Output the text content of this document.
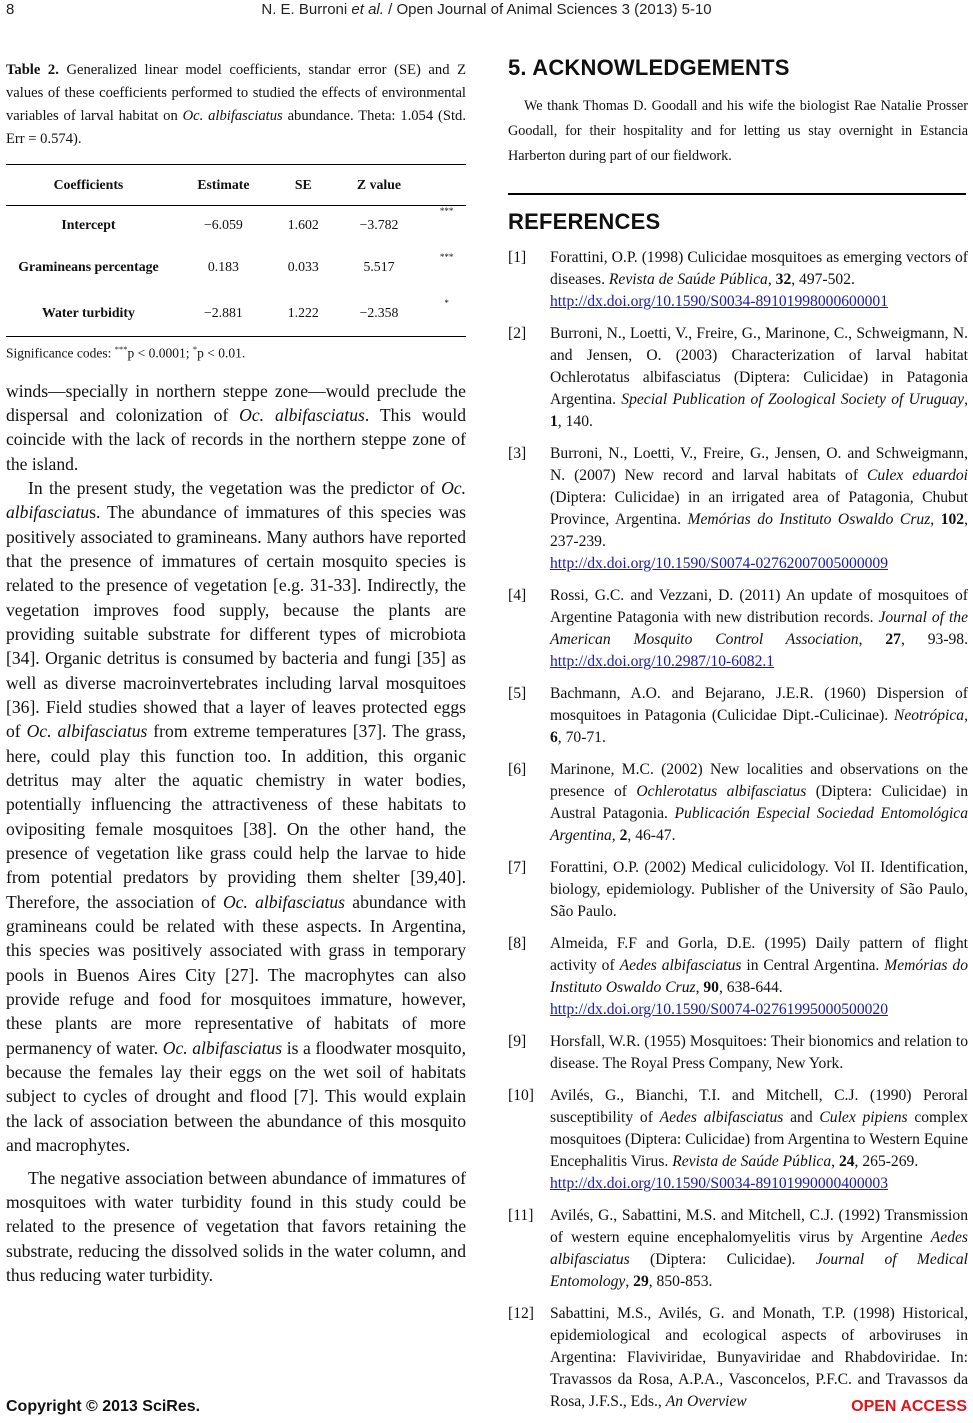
8	N. E. Burroni et al. / Open Journal of Animal Sciences 3 (2013) 5-10

Table 2. Generalized linear model coefficients, standar error (SE) and Z values of these coefficients performed to studied the effects of environmental variables of larval habitat on Oc. albifasciatus abundance. Theta: 1.054 (Std. Err = 0.574).

Coefficients	Estimate	SE	Z value	
Intercept	−6.059	1.602	−3.782	***
Gramineans percentage	0.183	0.033	5.517	***
Water turbidity	−2.881	1.222	−2.358	*
Significance codes: ***p < 0.0001; *p < 0.01.

winds—specially in northern steppe zone—would preclude the dispersal and colonization of Oc. albifasciatus. This would coincide with the lack of records in the northern steppe zone of the island.

In the present study, the vegetation was the predictor of Oc. albifasciatus. The abundance of immatures of this species was positively associated to gramineans. Many authors have reported that the presence of immatures of certain mosquito species is related to the presence of vegetation [e.g. 31-33]. Indirectly, the vegetation improves food supply, because the plants are providing suitable substrate for different types of microbiota [34]. Organic detritus is consumed by bacteria and fungi [35] as well as diverse macroinvertebrates including larval mosquitoes [36]. Field studies showed that a layer of leaves protected eggs of Oc. albifasciatus from extreme temperatures [37]. The grass, here, could play this function too. In addition, this organic detritus may alter the aquatic chemistry in water bodies, potentially influencing the attractiveness of these habitats to ovipositing female mosquitoes [38]. On the other hand, the presence of vegetation like grass could help the larvae to hide from potential predators by providing them shelter [39,40]. Therefore, the association of Oc. albifasciatus abundance with gramineans could be related with these aspects. In Argentina, this species was positively associated with grass in temporary pools in Buenos Aires City [27]. The macrophytes can also provide refuge and food for mosquitoes immature, however, these plants are more representative of habitats of more permanency of water. Oc. albifasciatus is a floodwater mosquito, because the females lay their eggs on the wet soil of habitats subject to cycles of drought and flood [7]. This would explain the lack of association between the abundance of this mosquito and macrophytes.

The negative association between abundance of immatures of mosquitoes with water turbidity found in this study could be related to the presence of vegetation that favors retaining the substrate, reducing the dissolved solids in the water column, and thus reducing water turbidity.

5. ACKNOWLEDGEMENTS

We thank Thomas D. Goodall and his wife the biologist Rae Natalie Prosser Goodall, for their hospitality and for letting us stay overnight in Estancia Harberton during part of our fieldwork.

REFERENCES
[1] Forattini, O.P. (1998) Culicidae mosquitoes as emerging vectors of diseases. Revista de Saúde Pública, 32, 497-502.
http://dx.doi.org/10.1590/S0034-89101998000600001
[2] Burroni, N., Loetti, V., Freire, G., Marinone, C., Schweigmann, N. and Jensen, O. (2003) Characterization of larval habitat Ochlerotatus albifasciatus (Diptera: Culicidae) in Patagonia Argentina. Special Publication of Zoological Society of Uruguay, 1, 140.
[3] Burroni, N., Loetti, V., Freire, G., Jensen, O. and Schweigmann, N. (2007) New record and larval habitats of Culex eduardoi (Diptera: Culicidae) in an irrigated area of Patagonia, Chubut Province, Argentina. Memórias do Instituto Oswaldo Cruz, 102, 237-239.
http://dx.doi.org/10.1590/S0074-02762007005000009
[4] Rossi, G.C. and Vezzani, D. (2011) An update of mosquitoes of Argentine Patagonia with new distribution records. Journal of the American Mosquito Control Association, 27, 93-98. http://dx.doi.org/10.2987/10-6082.1
[5] Bachmann, A.O. and Bejarano, J.E.R. (1960) Dispersion of mosquitoes in Patagonia (Culicidae Dipt.-Culicinae). Neotrópica, 6, 70-71.
[6] Marinone, M.C. (2002) New localities and observations on the presence of Ochlerotatus albifasciatus (Diptera: Culicidae) in Austral Patagonia. Publicación Especial Sociedad Entomológica Argentina, 2, 46-47.
[7] Forattini, O.P. (2002) Medical culicidology. Vol II. Identification, biology, epidemiology. Publisher of the University of São Paulo, São Paulo.
[8] Almeida, F.F and Gorla, D.E. (1995) Daily pattern of flight activity of Aedes albifasciatus in Central Argentina. Memórias do Instituto Oswaldo Cruz, 90, 638-644.
http://dx.doi.org/10.1590/S0074-02761995000500020
[9] Horsfall, W.R. (1955) Mosquitoes: Their bionomics and relation to disease. The Royal Press Company, New York.
[10] Avilés, G., Bianchi, T.I. and Mitchell, C.J. (1990) Peroral susceptibility of Aedes albifasciatus and Culex pipiens complex mosquitoes (Diptera: Culicidae) from Argentina to Western Equine Encephalitis Virus. Revista de Saúde Pública, 24, 265-269.
http://dx.doi.org/10.1590/S0034-89101990000400003
[11] Avilés, G., Sabattini, M.S. and Mitchell, C.J. (1992) Transmission of western equine encephalomyelitis virus by Argentine Aedes albifasciatus (Diptera: Culicidae). Journal of Medical Entomology, 29, 850-853.
[12] Sabattini, M.S., Avilés, G. and Monath, T.P. (1998) Historical, epidemiological and ecological aspects of arboviruses in Argentina: Flaviviridae, Bunyaviridae and Rhabdoviridae. In: Travassos da Rosa, A.P.A., Vasconcelos, P.F.C. and Travassos da Rosa, J.F.S., Eds., An Overview
Copyright © 2013 SciRes.	OPEN ACCESS
